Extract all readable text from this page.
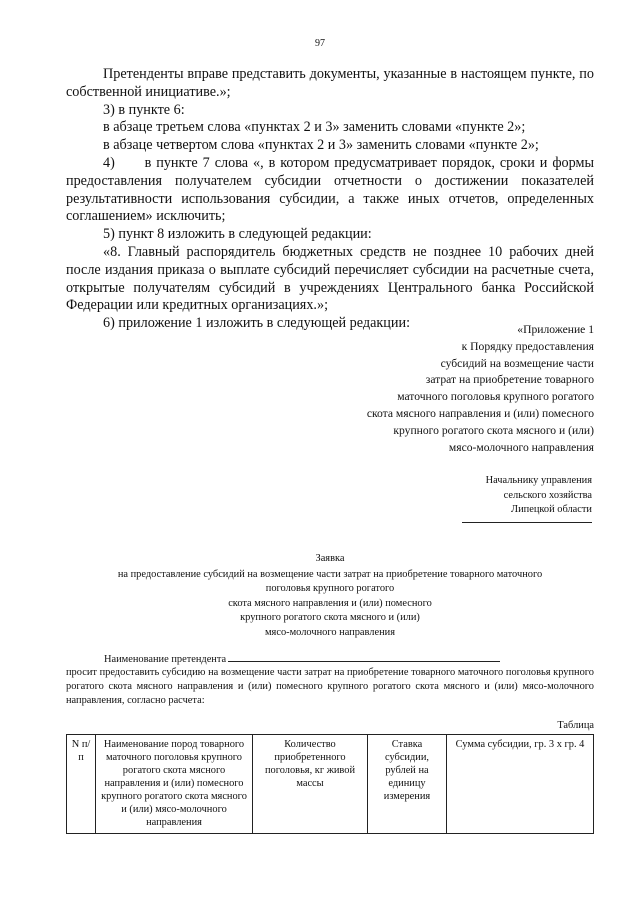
97

Претенденты вправе представить документы, указанные в настоящем пункте, по собственной инициативе.»;

3) в пункте 6:

в абзаце третьем слова «пунктах 2 и 3» заменить словами «пункте 2»;

в абзаце четвертом слова «пунктах 2 и 3» заменить словами «пункте 2»;

4)      в пункте 7 слова «, в котором предусматривает порядок, сроки и формы предоставления получателем субсидии отчетности о достижении показателей результативности использования субсидии, а также иных отчетов, определенных соглашением» исключить;

5) пункт 8 изложить в следующей редакции:

«8. Главный распорядитель бюджетных средств не позднее 10 рабочих дней после издания приказа о выплате субсидий перечисляет субсидии на расчетные счета, открытые получателям субсидий в учреждениях Центрального банка Российской Федерации или кредитных организациях.»;

6) приложение 1 изложить в следующей редакции:	«Приложение 1
к Порядку предоставления
субсидий на возмещение части
затрат на приобретение товарного
маточного поголовья крупного рогатого
скота мясного направления и (или) помесного
крупного рогатого скота мясного и (или)
мясо-молочного направления
Начальнику управления
сельского хозяйства
Липецкой области
Заявка
на предоставление субсидий на возмещение части затрат на приобретение товарного маточного
поголовья крупного рогатого
скота мясного направления и (или) помесного
крупного рогатого скота мясного и (или)
мясо-молочного направления
Наименование претендента
просит предоставить субсидию на возмещение части затрат на приобретение товарного маточного поголовья крупного рогатого скота мясного направления и (или) помесного крупного рогатого скота мясного и (или) мясо-молочного направления, согласно расчета:
Таблица
N п/п	Наименование пород товарного маточного поголовья крупного рогатого скота мясного направления и (или) помесного крупного рогатого скота мясного и (или) мясо-молочного направления	Количество приобретенного поголовья, кг живой массы	Ставка субсидии, рублей на единицу измерения	Сумма субсидии, гр. 3 х гр. 4
